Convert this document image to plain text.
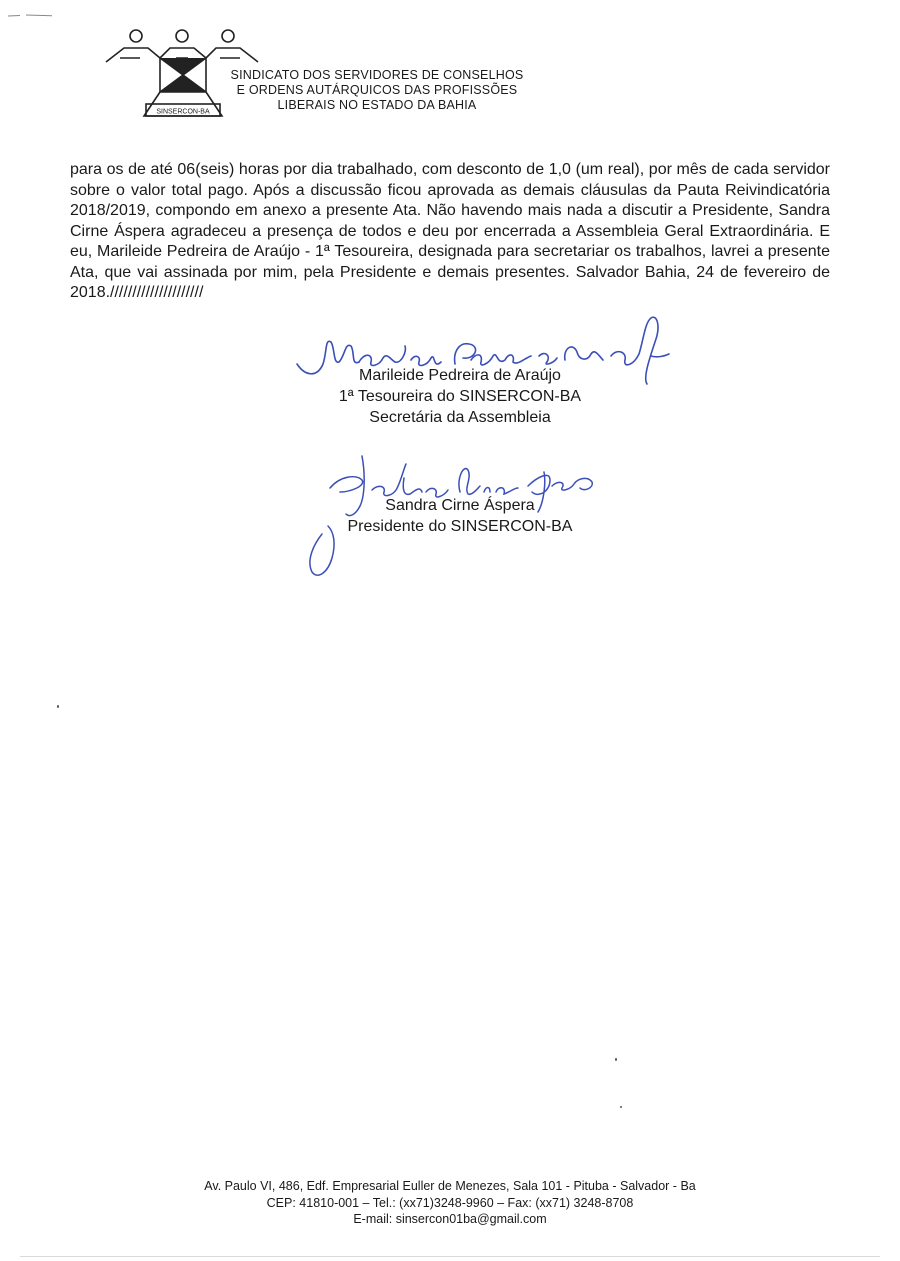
SINSERCON-BA
SINDICATO DOS SERVIDORES DE CONSELHOS
E ORDENS AUTÁRQUICOS DAS PROFISSÕES
LIBERAIS NO ESTADO DA BAHIA
para os de até 06(seis) horas por dia trabalhado, com desconto de 1,0 (um real), por mês de cada servidor sobre o valor total pago. Após a discussão ficou aprovada as demais cláusulas da Pauta Reivindicatória 2018/2019, compondo em anexo a presente Ata. Não havendo mais nada a discutir a Presidente, Sandra Cirne Áspera agradeceu a presença de todos e deu por encerrada a Assembleia Geral Extraordinária. E eu, Marileide Pedreira de Araújo - 1ª Tesoureira, designada para secretariar os trabalhos, lavrei a presente Ata, que vai assinada por mim, pela Presidente e demais presentes. Salvador Bahia, 24 de fevereiro de 2018./////////////////////
Marileide Pedreira de Araújo
1ª Tesoureira do SINSERCON-BA
Secretária da Assembleia
Sandra Cirne Áspera
Presidente do SINSERCON-BA
Av. Paulo VI, 486, Edf. Empresarial Euller de Menezes, Sala 101 - Pituba - Salvador - Ba
CEP: 41810-001 – Tel.: (xx71)3248-9960 – Fax: (xx71) 3248-8708
E-mail: sinsercon01ba@gmail.com
